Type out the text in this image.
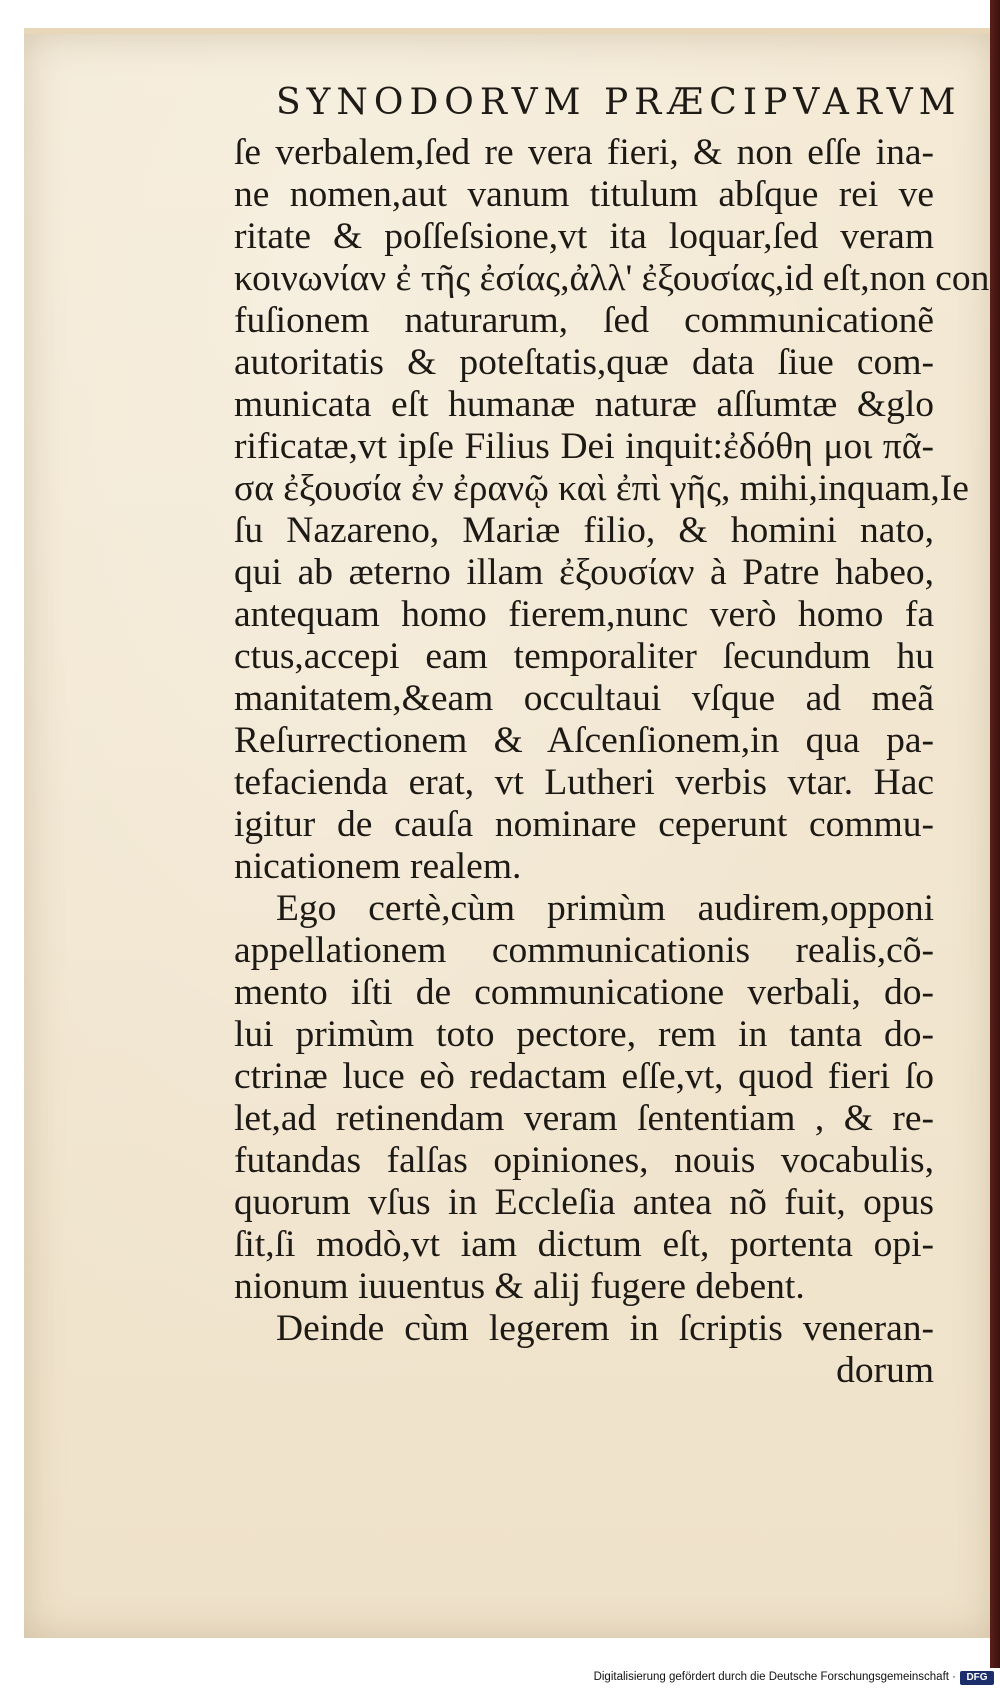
SYNODORVM PRÆCIPVARVM
ſe verbalem,ſed re vera fieri, & non eſſe ina-
ne nomen,aut vanum titulum abſque rei ve
ritate & poſſeſsione,vt ita loquar,ſed veram
κοινωνίαν ἐ τῆς ἐσίας,ἀλλ' ἐξουσίας,id eſt,non con
fuſionem naturarum, ſed communicationẽ
autoritatis & poteſtatis,quæ data ſiue com-
municata eſt humanæ naturæ aſſumtæ &glo
rificatæ,vt ipſe Filius Dei inquit:ἐδόθη μοι πᾶ-
σα ἐξουσία ἐν ἐρανῷ καὶ ἐπὶ γῆς, mihi,inquam,Ie
ſu Nazareno, Mariæ filio, & homini nato,
qui ab æterno illam ἐξουσίαν à Patre habeo,
antequam homo fierem,nunc verò homo fa
ctus,accepi eam temporaliter ſecundum hu
manitatem,&eam occultaui vſque ad meã
Reſurrectionem & Aſcenſionem,in qua pa-
tefacienda erat, vt Lutheri verbis vtar. Hac
igitur de cauſa nominare ceperunt commu-
nicationem realem.
Ego certè,cùm primùm audirem,opponi
appellationem communicationis realis,cõ-
mento iſti de communicatione verbali, do-
lui primùm toto pectore, rem in tanta do-
ctrinæ luce eò redactam eſſe,vt, quod fieri ſo
let,ad retinendam veram ſententiam , & re-
futandas falſas opiniones, nouis vocabulis,
quorum vſus in Eccleſia antea nõ fuit, opus
ſit,ſi modò,vt iam dictum eſt, portenta opi-
nionum iuuentus & alij fugere debent.
Deinde cùm legerem in ſcriptis veneran-
dorum
Digitalisierung gefördert durch die Deutsche Forschungsgemeinschaft ·	DFG
